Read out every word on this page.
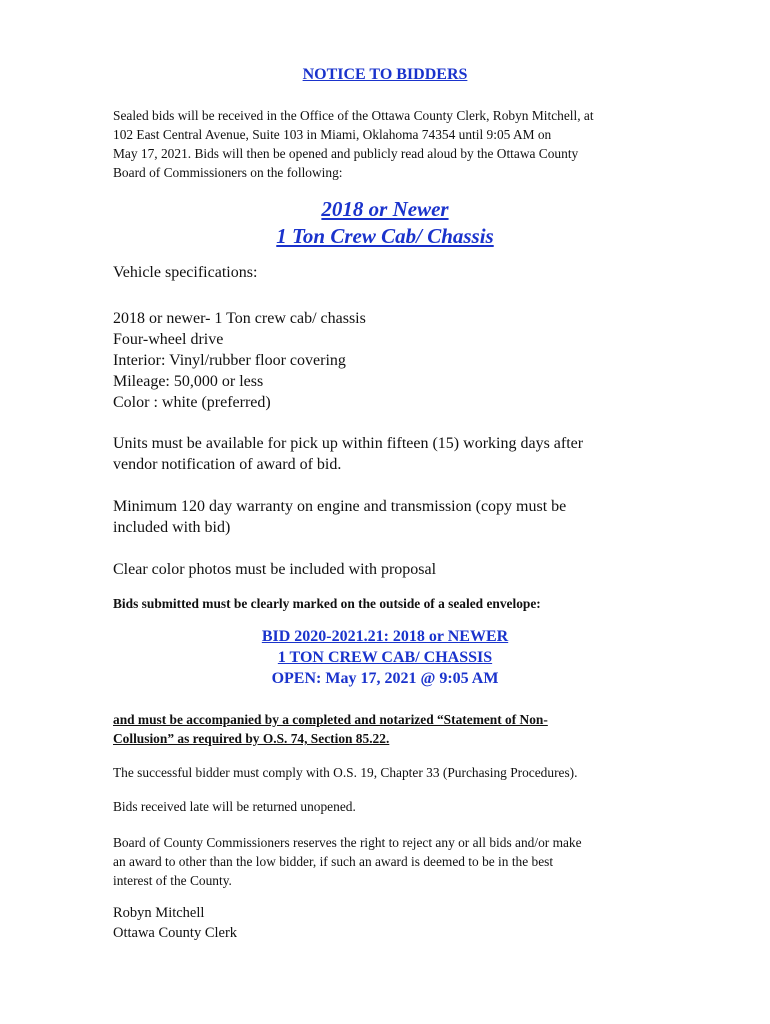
NOTICE TO BIDDERS

Sealed bids will be received in the Office of the Ottawa County Clerk, Robyn Mitchell, at
102 East Central Avenue, Suite 103 in Miami, Oklahoma 74354 until 9:05 AM on
May 17, 2021. Bids will then be opened and publicly read aloud by the Ottawa County
Board of Commissioners on the following:

2018 or Newer
1 Ton Crew Cab/ Chassis

Vehicle specifications:

2018 or newer- 1 Ton crew cab/ chassis
Four-wheel drive
Interior: Vinyl/rubber floor covering
Mileage: 50,000 or less
Color : white (preferred)

Units must be available for pick up within fifteen (15) working days after
vendor notification of award of bid.

Minimum 120 day warranty on engine and transmission (copy must be
included with bid)

Clear color photos must be included with proposal

Bids submitted must be clearly marked on the outside of a sealed envelope:

BID 2020-2021.21: 2018 or NEWER
1 TON CREW CAB/ CHASSIS
OPEN: May 17, 2021 @ 9:05 AM

and must be accompanied by a completed and notarized “Statement of Non-
Collusion” as required by O.S. 74, Section 85.22.

The successful bidder must comply with O.S. 19, Chapter 33 (Purchasing Procedures).

Bids received late will be returned unopened.

Board of County Commissioners reserves the right to reject any or all bids and/or make
an award to other than the low bidder, if such an award is deemed to be in the best
interest of the County.

Robyn Mitchell
Ottawa County Clerk
